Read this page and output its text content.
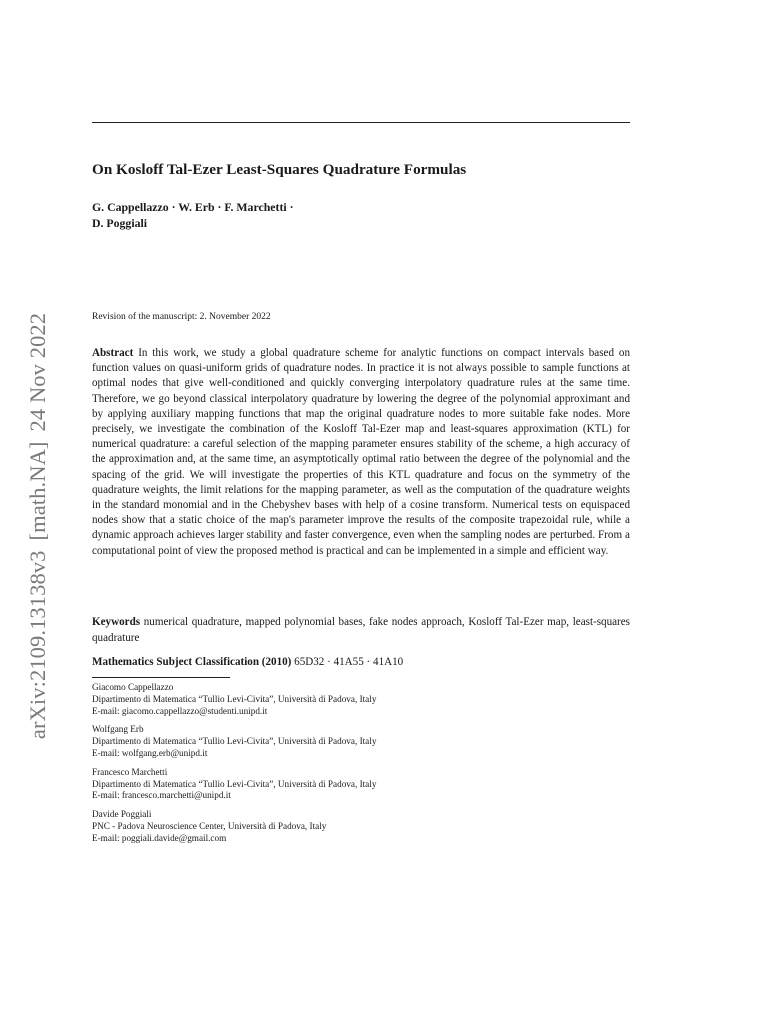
arXiv:2109.13138v3[math.NA]24 Nov 2022
On Kosloff Tal-Ezer Least-Squares Quadrature Formulas
G. Cappellazzo · W. Erb · F. Marchetti ·
D. Poggiali
Revision of the manuscript: 2. November 2022
Abstract In this work, we study a global quadrature scheme for analytic functions on compact intervals based on function values on quasi-uniform grids of quadrature nodes. In practice it is not always possible to sample functions at optimal nodes that give well-conditioned and quickly converging interpolatory quadrature rules at the same time. Therefore, we go beyond classical interpolatory quadrature by lowering the degree of the polynomial approximant and by applying auxiliary mapping functions that map the original quadrature nodes to more suitable fake nodes. More precisely, we investigate the combination of the Kosloff Tal-Ezer map and least-squares approximation (KTL) for numerical quadrature: a careful selection of the mapping parameter ensures stability of the scheme, a high accuracy of the approximation and, at the same time, an asymptotically optimal ratio between the degree of the polynomial and the spacing of the grid. We will investigate the properties of this KTL quadrature and focus on the symmetry of the quadrature weights, the limit relations for the mapping parameter, as well as the computation of the quadrature weights in the standard monomial and in the Chebyshev bases with help of a cosine transform. Numerical tests on equispaced nodes show that a static choice of the map's parameter improve the results of the composite trapezoidal rule, while a dynamic approach achieves larger stability and faster convergence, even when the sampling nodes are perturbed. From a computational point of view the proposed method is practical and can be implemented in a simple and efficient way.
Keywords numerical quadrature, mapped polynomial bases, fake nodes approach, Kosloff Tal-Ezer map, least-squares quadrature
Mathematics Subject Classification (2010) 65D32 · 41A55 · 41A10
Giacomo Cappellazzo
Dipartimento di Matematica “Tullio Levi-Civita”, Università di Padova, Italy
E-mail: giacomo.cappellazzo@studenti.unipd.it
Wolfgang Erb
Dipartimento di Matematica “Tullio Levi-Civita”, Università di Padova, Italy
E-mail: wolfgang.erb@unipd.it
Francesco Marchetti
Dipartimento di Matematica “Tullio Levi-Civita”, Università di Padova, Italy
E-mail: francesco.marchetti@unipd.it
Davide Poggiali
PNC - Padova Neuroscience Center, Università di Padova, Italy
E-mail: poggiali.davide@gmail.com
